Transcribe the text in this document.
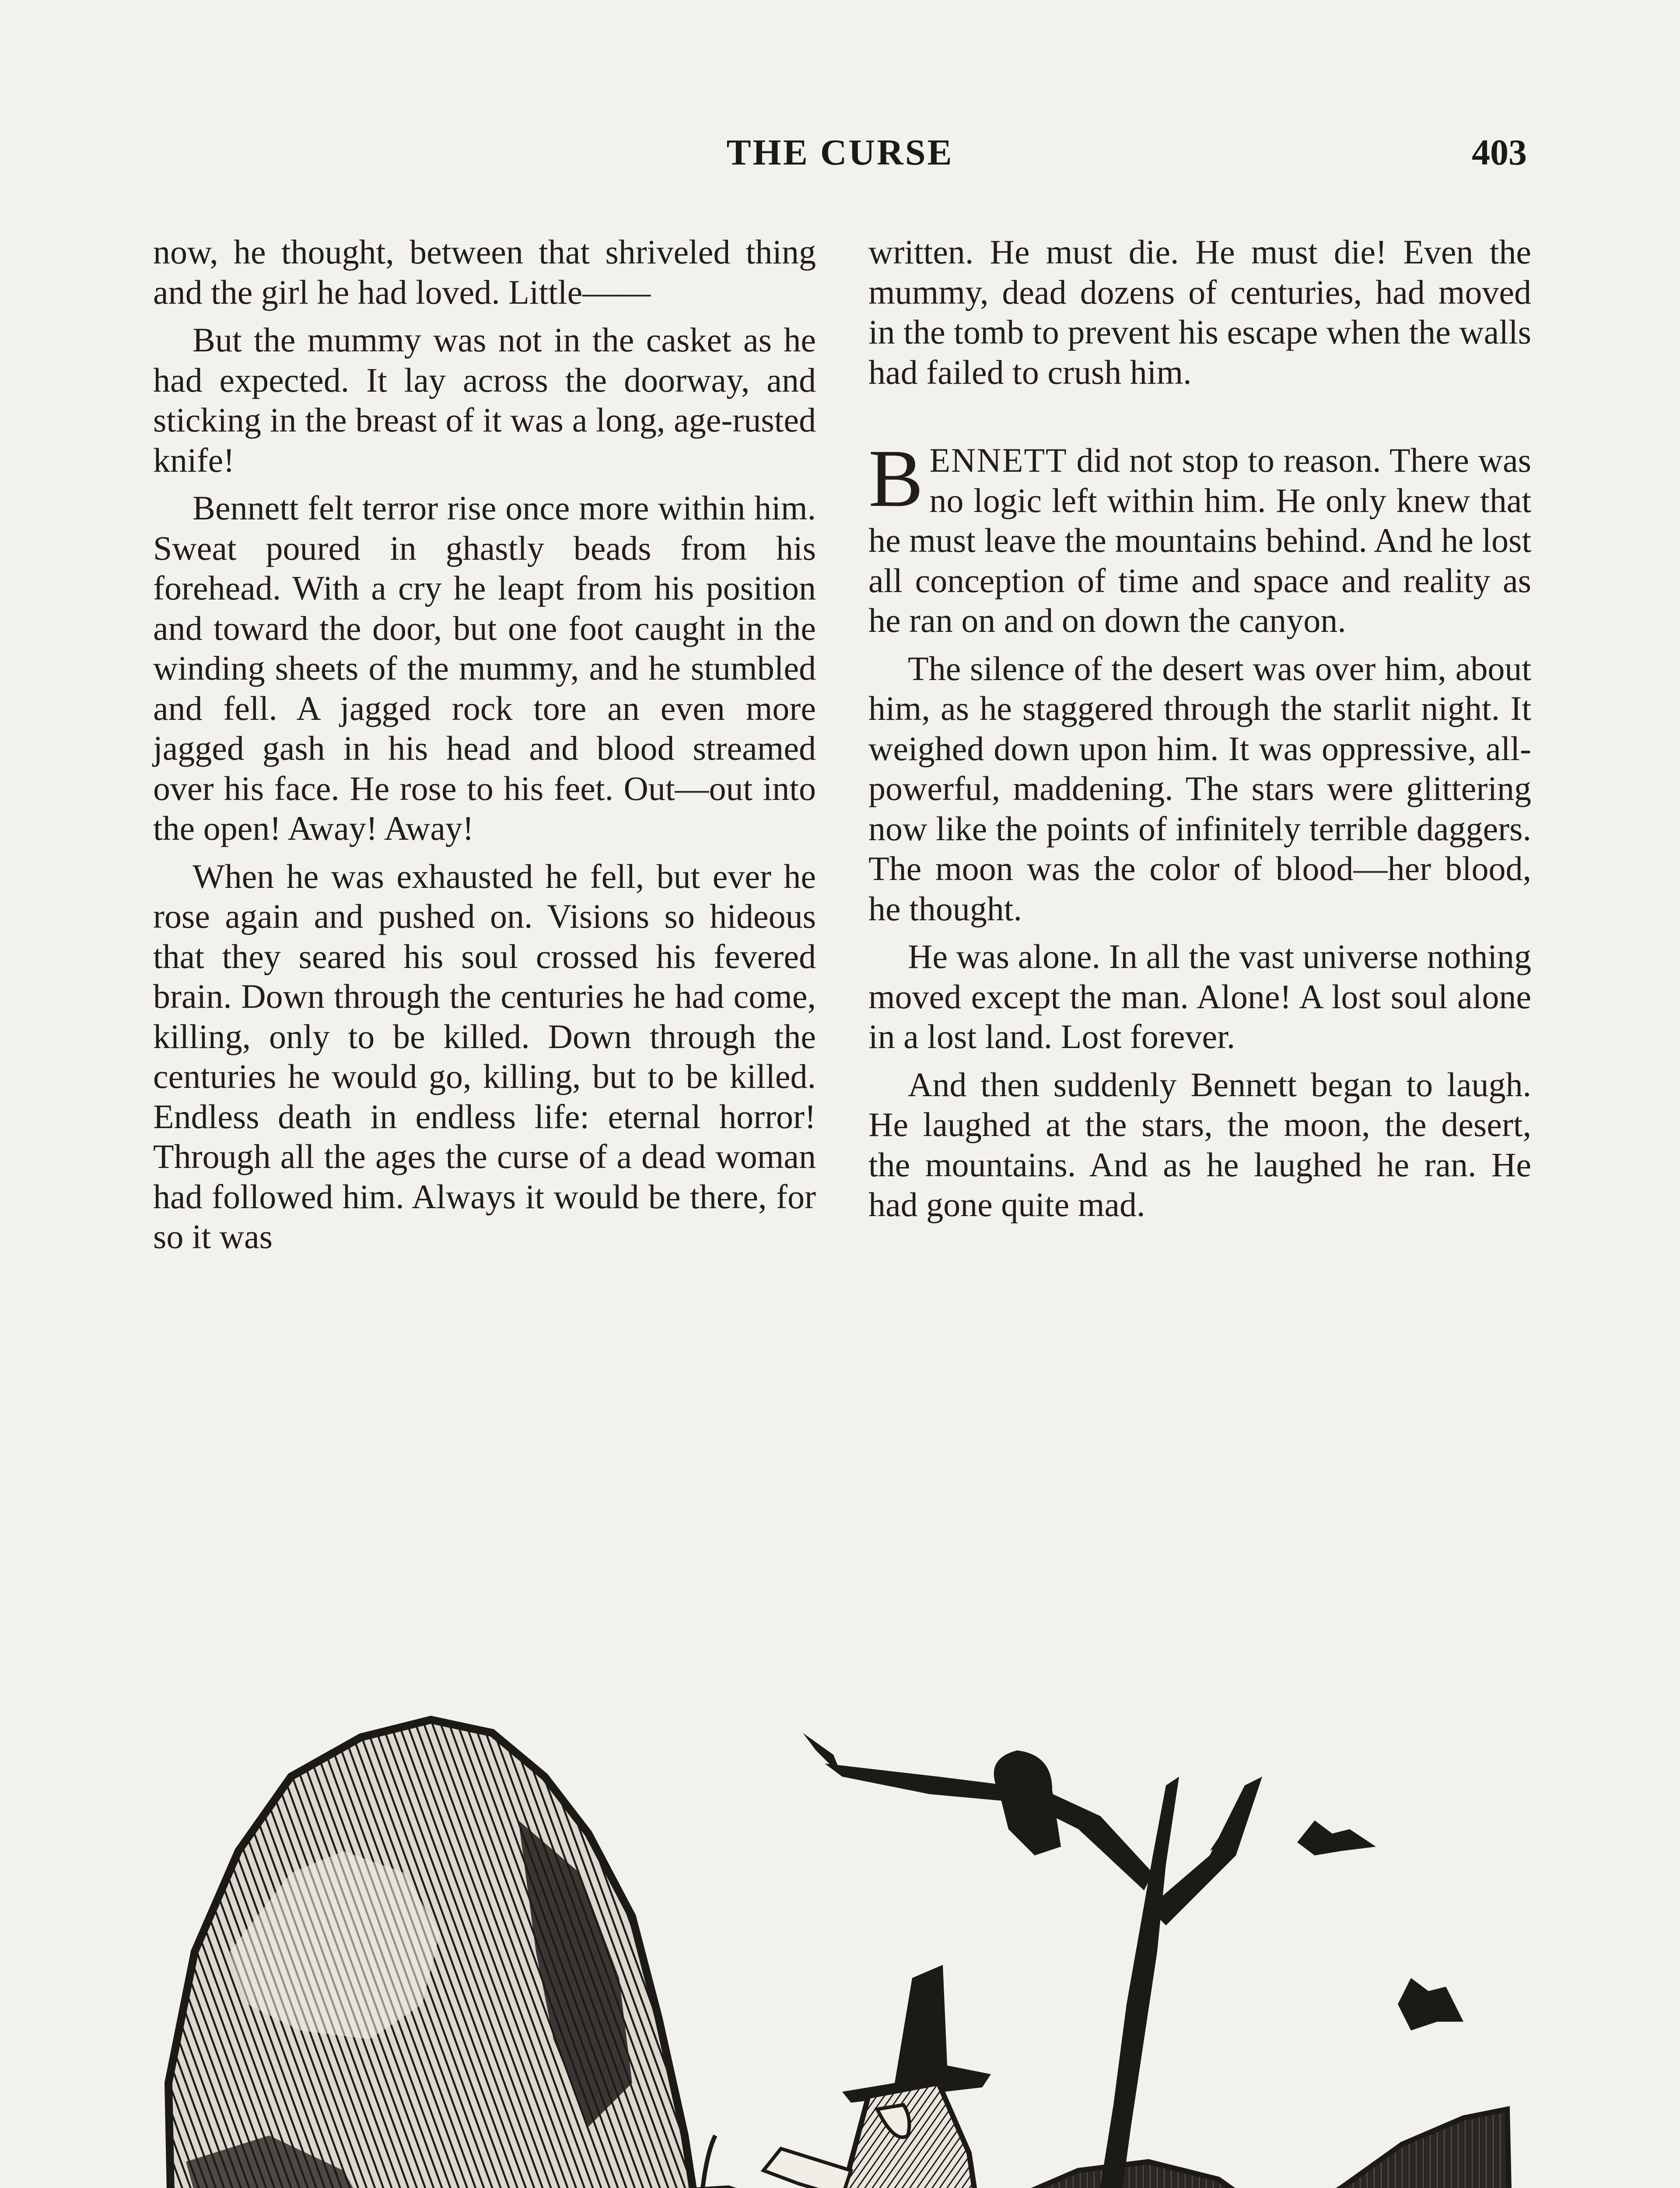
THE CURSE	403

now, he thought, between that shriveled thing and the girl he had loved. Little——

But the mummy was not in the casket as he had expected. It lay across the doorway, and sticking in the breast of it was a long, age-rusted knife!

Bennett felt terror rise once more within him. Sweat poured in ghastly beads from his forehead. With a cry he leapt from his position and toward the door, but one foot caught in the winding sheets of the mummy, and he stumbled and fell. A jagged rock tore an even more jagged gash in his head and blood streamed over his face. He rose to his feet. Out—out into the open! Away! Away!

When he was exhausted he fell, but ever he rose again and pushed on. Visions so hideous that they seared his soul crossed his fevered brain. Down through the centuries he had come, killing, only to be killed. Down through the centuries he would go, killing, but to be killed. Endless death in endless life: eternal horror! Through all the ages the curse of a dead woman had followed him. Always it would be there, for so it was

written. He must die. He must die! Even the mummy, dead dozens of centuries, had moved in the tomb to prevent his escape when the walls had failed to crush him.

BENNETT did not stop to reason. There was no logic left within him. He only knew that he must leave the mountains behind. And he lost all conception of time and space and reality as he ran on and on down the canyon.

The silence of the desert was over him, about him, as he staggered through the starlit night. It weighed down upon him. It was oppressive, all-powerful, maddening. The stars were glittering now like the points of infinitely terrible daggers. The moon was the color of blood—her blood, he thought.

He was alone. In all the vast universe nothing moved except the man. Alone! A lost soul alone in a lost land. Lost forever.

And then suddenly Bennett began to laugh. He laughed at the stars, the moon, the desert, the mountains. And as he laughed he ran. He had gone quite mad.
